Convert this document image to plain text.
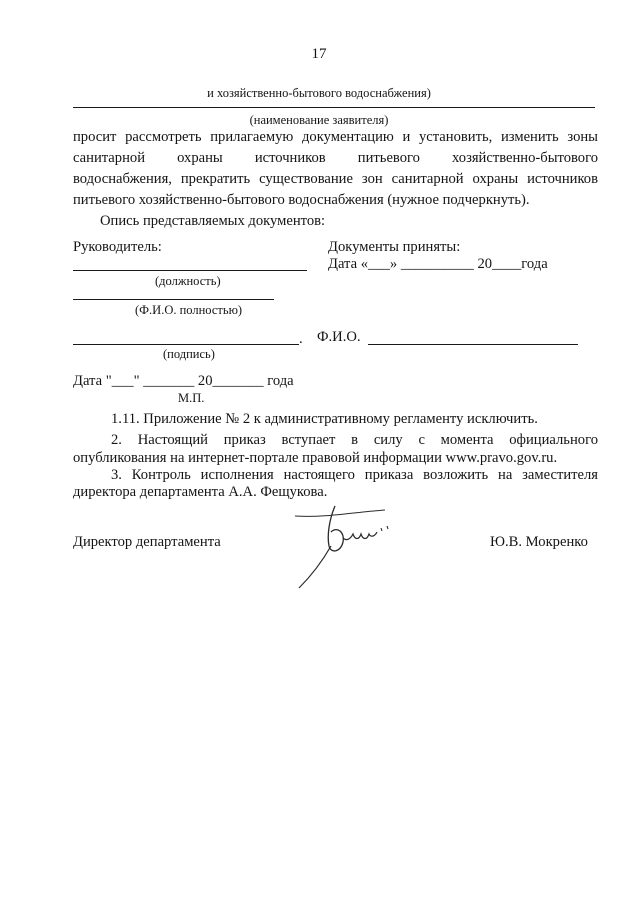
17
и хозяйственно-бытового водоснабжения)
(наименование заявителя)
просит рассмотреть прилагаемую документацию и установить, изменить зоны
санитарной охраны источников питьевого хозяйственно-бытового
водоснабжения, прекратить существование зон санитарной охраны источников
питьевого хозяйственно-бытового водоснабжения (нужное подчеркнуть).
Опись представляемых документов:
Руководитель:
(должность)
(Ф.И.О. полностью)
.
(подпись)
Дата "___" _______ 20_______ года
М.П.
Документы приняты:
Дата «___» __________ 20____года
Ф.И.О.
1.11. Приложение № 2 к административному регламенту исключить.
2. Настоящий приказ вступает в силу с момента официального
опубликования на интернет-портале правовой информации www.pravo.gov.ru.
3. Контроль исполнения настоящего приказа возложить на заместителя
директора департамента А.А. Фещукова.
Директор департамента	Ю.В. Мокренко
